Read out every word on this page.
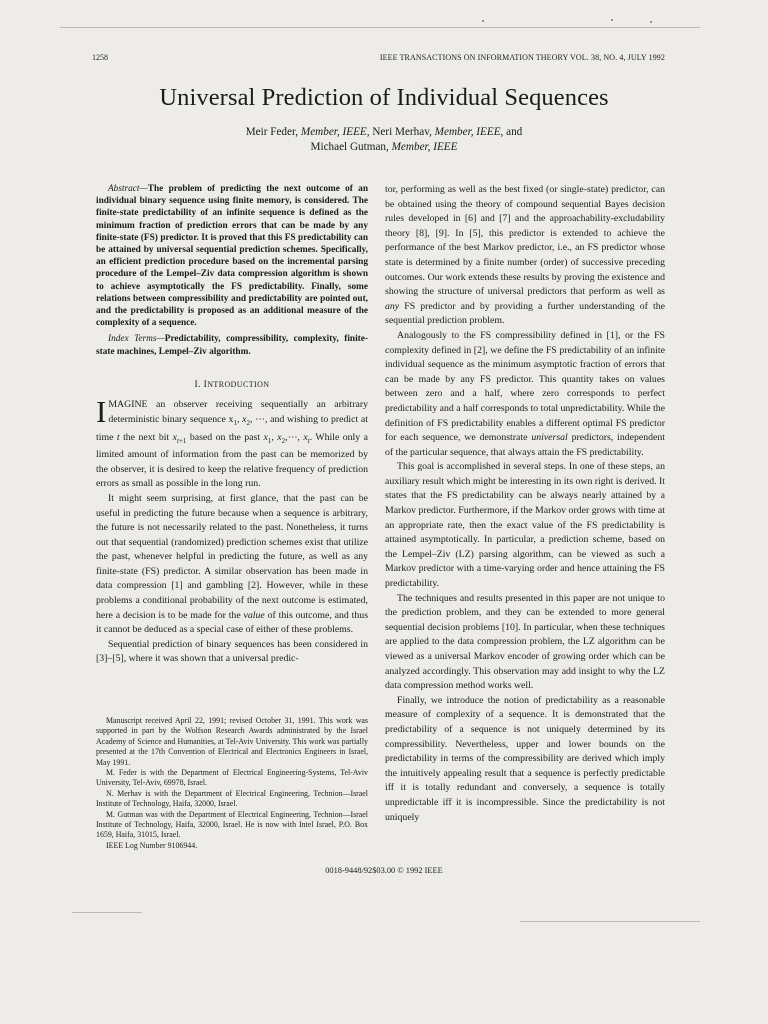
1258	IEEE TRANSACTIONS ON INFORMATION THEORY VOL. 38, NO. 4, JULY 1992
Universal Prediction of Individual Sequences
Meir Feder, Member, IEEE, Neri Merhav, Member, IEEE, and
Michael Gutman, Member, IEEE
Abstract—The problem of predicting the next outcome of an individual binary sequence using finite memory, is considered. The finite-state predictability of an infinite sequence is defined as the minimum fraction of prediction errors that can be made by any finite-state (FS) predictor. It is proved that this FS predictability can be attained by universal sequential prediction schemes. Specifically, an efficient prediction procedure based on the incremental parsing procedure of the Lempel–Ziv data compression algorithm is shown to achieve asymptotically the FS predictability. Finally, some relations between compressibility and predictability are pointed out, and the predictability is proposed as an additional measure of the complexity of a sequence.
Index Terms—Predictability, compressibility, complexity, finite-state machines, Lempel–Ziv algorithm.
I. INTRODUCTION

IMAGINE an observer receiving sequentially an arbitrary deterministic binary sequence $x_1$, $x_2$, ⋯, and wishing to predict at time t the next bit $x_{t+1}$ based on the past $x_1$, $x_2,\cdots$, $x_t$. While only a limited amount of information from the past can be memorized by the observer, it is desired to keep the relative frequency of prediction errors as small as possible in the long run.

It might seem surprising, at first glance, that the past can be useful in predicting the future because when a sequence is arbitrary, the future is not necessarily related to the past. Nonetheless, it turns out that sequential (randomized) prediction schemes exist that utilize the past, whenever helpful in predicting the future, as well as any finite-state (FS) predictor. A similar observation has been made in data compression [1] and gambling [2]. However, while in these problems a conditional probability of the next outcome is estimated, here a decision is to be made for the value of this outcome, and thus it cannot be deduced as a special case of either of these problems.

Sequential prediction of binary sequences has been considered in [3]–[5], where it was shown that a universal predic-

Manuscript received April 22, 1991; revised October 31, 1991. This work was supported in part by the Wolfson Research Awards administrated by the Israel Academy of Science and Humanities, at Tel-Aviv University. This work was partially presented at the 17th Convention of Electrical and Electronics Engineers in Israel, May 1991.

M. Feder is with the Department of Electrical Engineering-Systems, Tel-Aviv University, Tel-Aviv, 69978, Israel.

N. Merhav is with the Department of Electrical Engineering, Technion—Israel Institute of Technology, Haifa, 32000, Israel.

M. Gutman was with the Department of Electrical Engineering, Technion—Israel Institute of Technology, Haifa, 32000, Israel. He is now with Intel Israel, P.O. Box 1659, Haifa, 31015, Israel.

IEEE Log Number 9106944.

tor, performing as well as the best fixed (or single-state) predictor, can be obtained using the theory of compound sequential Bayes decision rules developed in [6] and [7] and the approachability-excludability theory [8], [9]. In [5], this predictor is extended to achieve the performance of the best Markov predictor, i.e., an FS predictor whose state is determined by a finite number (order) of successive preceding outcomes. Our work extends these results by proving the existence and showing the structure of universal predictors that perform as well as any FS predictor and by providing a further understanding of the sequential prediction problem.

Analogously to the FS compressibility defined in [1], or the FS complexity defined in [2], we define the FS predictability of an infinite individual sequence as the minimum asymptotic fraction of errors that can be made by any FS predictor. This quantity takes on values between zero and a half, where zero corresponds to perfect predictability and a half corresponds to total unpredictability. While the definition of FS predictability enables a different optimal FS predictor for each sequence, we demonstrate universal predictors, independent of the particular sequence, that always attain the FS predictability.

This goal is accomplished in several steps. In one of these steps, an auxiliary result which might be interesting in its own right is derived. It states that the FS predictability can be always nearly attained by a Markov predictor. Furthermore, if the Markov order grows with time at an appropriate rate, then the exact value of the FS predictability is attained asymptotically. In particular, a prediction scheme, based on the Lempel–Ziv (LZ) parsing algorithm, can be viewed as such a Markov predictor with a time-varying order and hence attaining the FS predictability.

The techniques and results presented in this paper are not unique to the prediction problem, and they can be extended to more general sequential decision problems [10]. In particular, when these techniques are applied to the data compression problem, the LZ algorithm can be viewed as a universal Markov encoder of growing order which can be analyzed accordingly. This observation may add insight to why the LZ data compression method works well.

Finally, we introduce the notion of predictability as a reasonable measure of complexity of a sequence. It is demonstrated that the predictability of a sequence is not uniquely determined by its compressibility. Nevertheless, upper and lower bounds on the predictability in terms of the compressibility are derived which imply the intuitively appealing result that a sequence is perfectly predictable iff it is totally redundant and conversely, a sequence is totally unpredictable iff it is incompressible. Since the predictability is not uniquely

0018-9448/92$03.00 © 1992 IEEE
